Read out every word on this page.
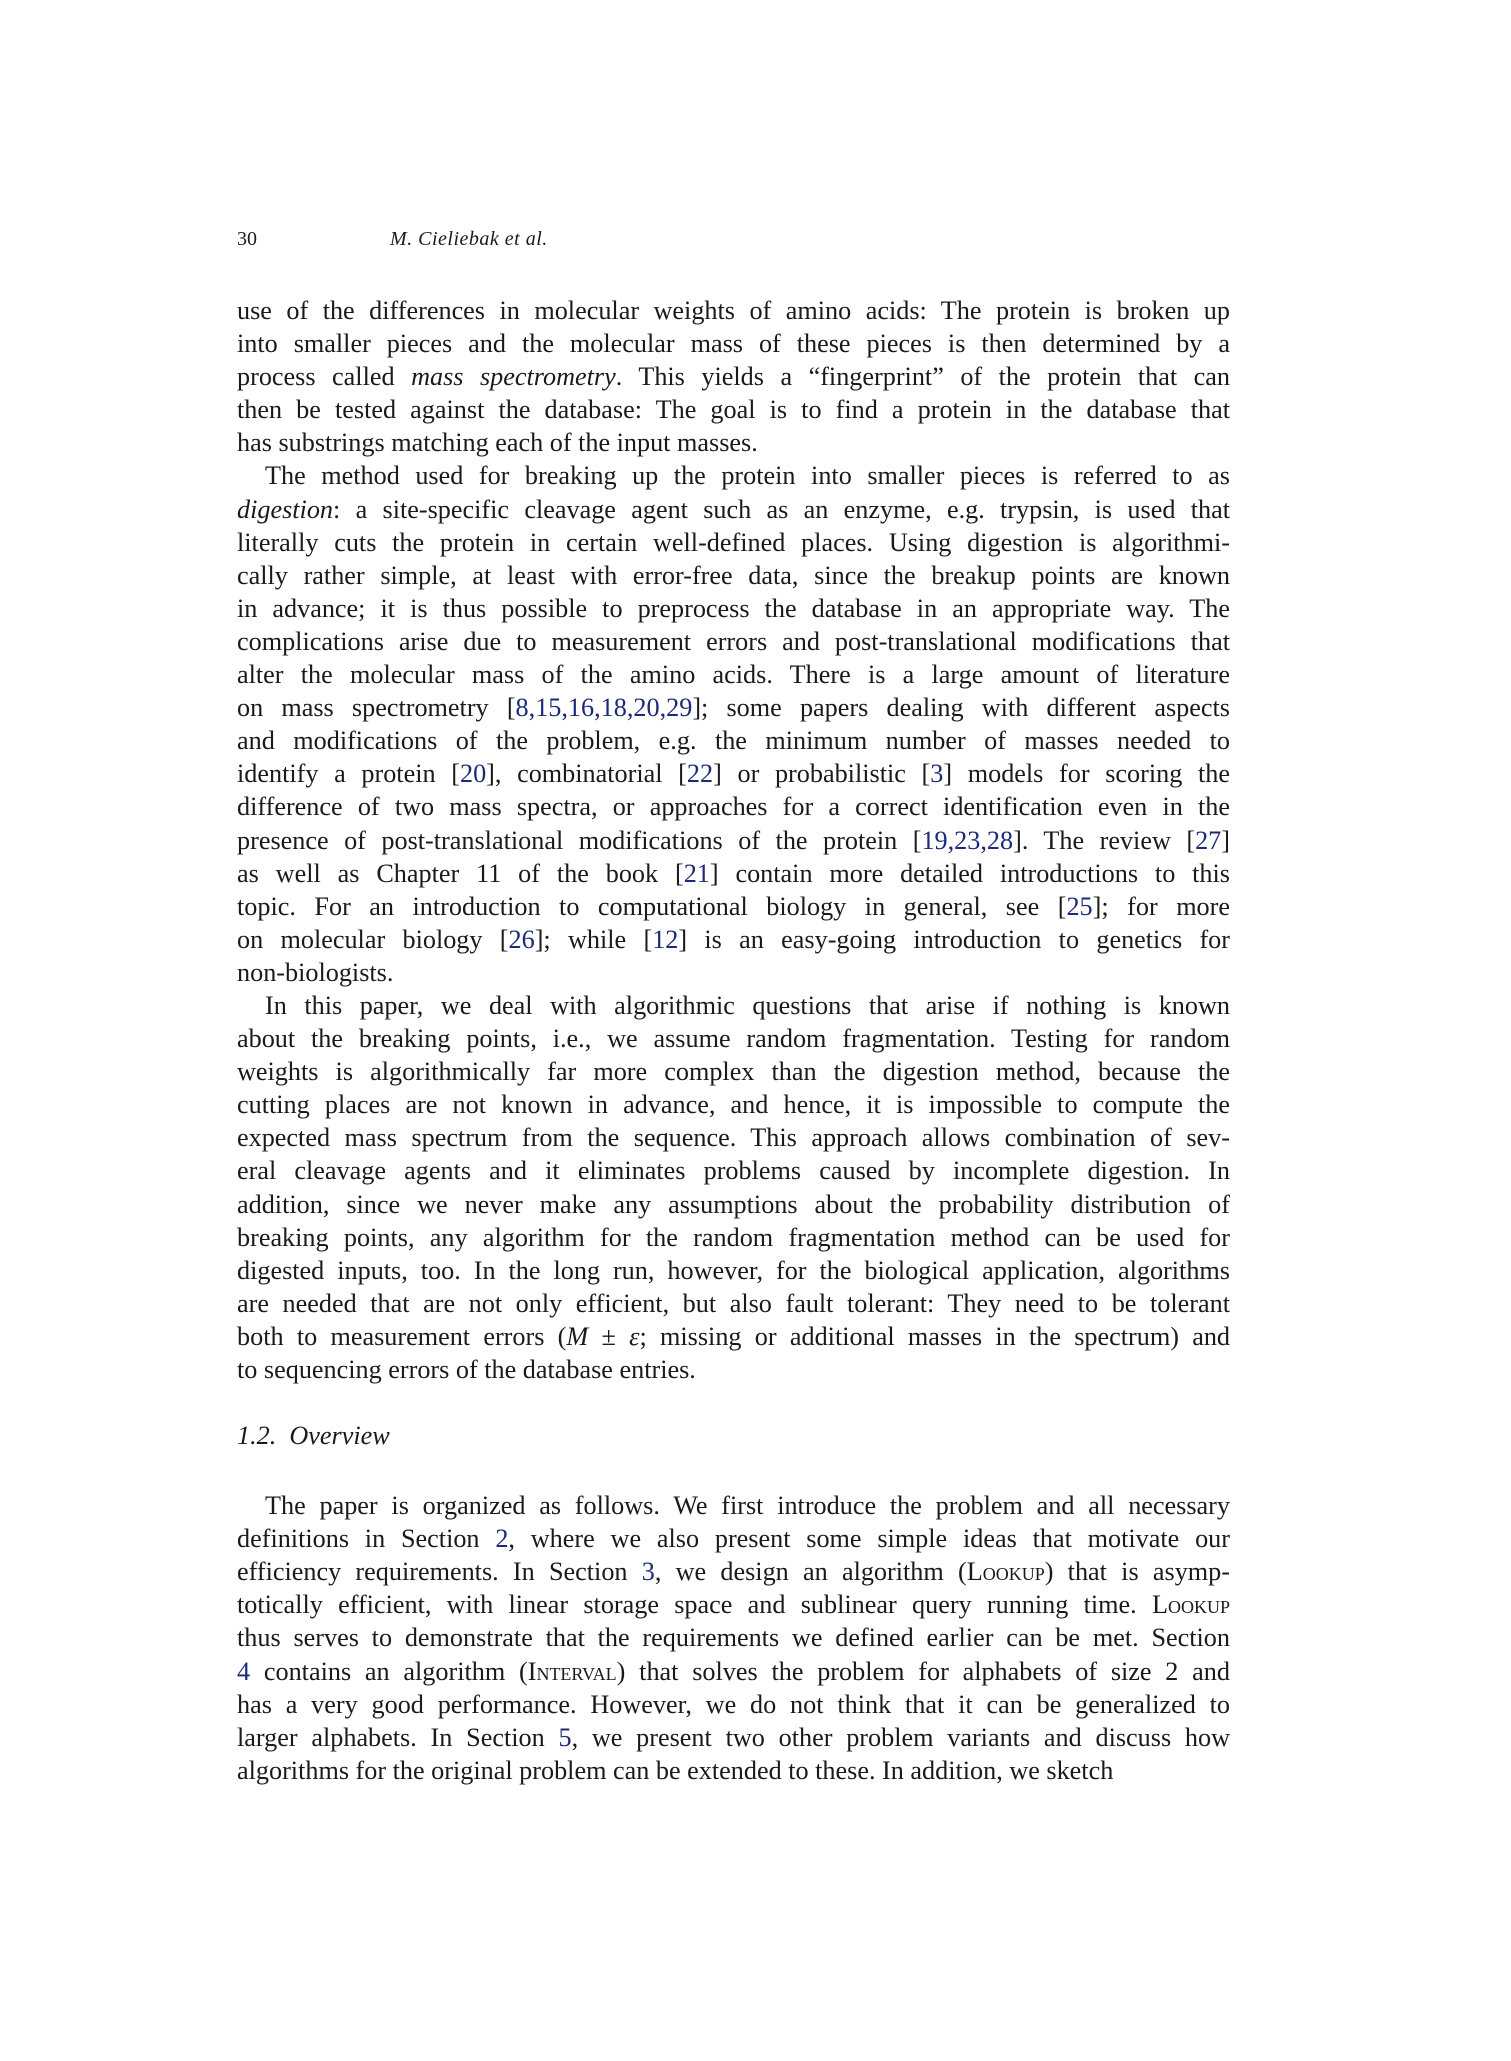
30	M. Cieliebak et al.
use of the differences in molecular weights of amino acids: The protein is broken up
into smaller pieces and the molecular mass of these pieces is then determined by a
process called mass spectrometry. This yields a “fingerprint” of the protein that can
then be tested against the database: The goal is to find a protein in the database that
has substrings matching each of the input masses.
The method used for breaking up the protein into smaller pieces is referred to as
digestion: a site-specific cleavage agent such as an enzyme, e.g. trypsin, is used that
literally cuts the protein in certain well-defined places. Using digestion is algorithmi-
cally rather simple, at least with error-free data, since the breakup points are known
in advance; it is thus possible to preprocess the database in an appropriate way. The
complications arise due to measurement errors and post-translational modifications that
alter the molecular mass of the amino acids. There is a large amount of literature
on mass spectrometry [8,15,16,18,20,29]; some papers dealing with different aspects
and modifications of the problem, e.g. the minimum number of masses needed to
identify a protein [20], combinatorial [22] or probabilistic [3] models for scoring the
difference of two mass spectra, or approaches for a correct identification even in the
presence of post-translational modifications of the protein [19,23,28]. The review [27]
as well as Chapter 11 of the book [21] contain more detailed introductions to this
topic. For an introduction to computational biology in general, see [25]; for more
on molecular biology [26]; while [12] is an easy-going introduction to genetics for
non-biologists.
In this paper, we deal with algorithmic questions that arise if nothing is known
about the breaking points, i.e., we assume random fragmentation. Testing for random
weights is algorithmically far more complex than the digestion method, because the
cutting places are not known in advance, and hence, it is impossible to compute the
expected mass spectrum from the sequence. This approach allows combination of sev-
eral cleavage agents and it eliminates problems caused by incomplete digestion. In
addition, since we never make any assumptions about the probability distribution of
breaking points, any algorithm for the random fragmentation method can be used for
digested inputs, too. In the long run, however, for the biological application, algorithms
are needed that are not only efficient, but also fault tolerant: They need to be tolerant
both to measurement errors (M ± ε; missing or additional masses in the spectrum) and
to sequencing errors of the database entries.
1.2. Overview
The paper is organized as follows. We first introduce the problem and all necessary
definitions in Section 2, where we also present some simple ideas that motivate our
efficiency requirements. In Section 3, we design an algorithm (Lookup) that is asymp-
totically efficient, with linear storage space and sublinear query running time. Lookup
thus serves to demonstrate that the requirements we defined earlier can be met. Section
4 contains an algorithm (Interval) that solves the problem for alphabets of size 2 and
has a very good performance. However, we do not think that it can be generalized to
larger alphabets. In Section 5, we present two other problem variants and discuss how
algorithms for the original problem can be extended to these. In addition, we sketch
